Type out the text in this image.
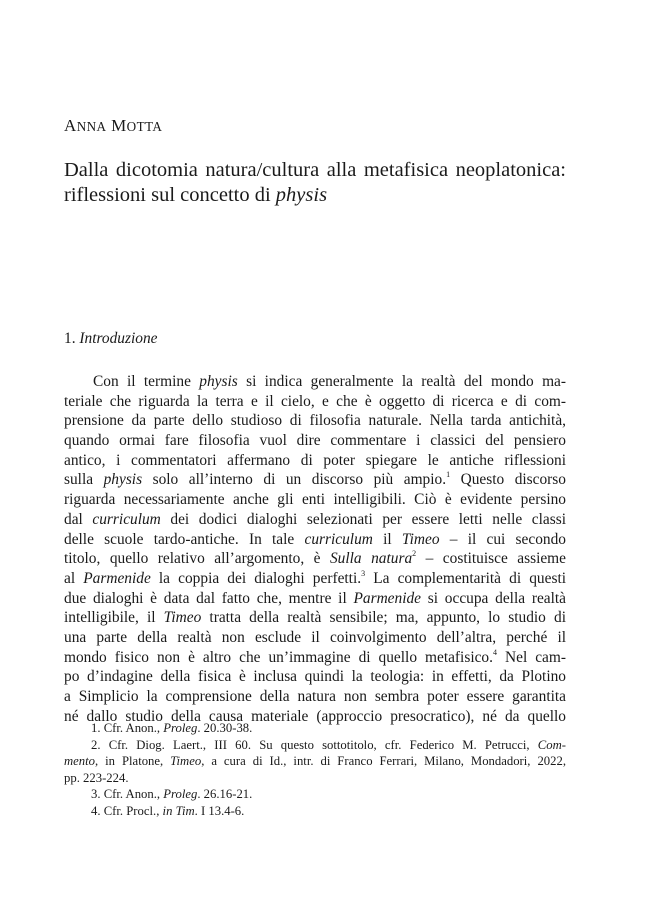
ANNA MOTTA
Dalla dicotomia natura/cultura alla metafisica neoplatonica:
riflessioni sul concetto di physis
1. Introduzione
Con il termine physis si indica generalmente la realtà del mondo ma-
teriale che riguarda la terra e il cielo, e che è oggetto di ricerca e di com-
prensione da parte dello studioso di filosofia naturale. Nella tarda antichità,
quando ormai fare filosofia vuol dire commentare i classici del pensiero
antico, i commentatori affermano di poter spiegare le antiche riflessioni
sulla physis solo all’interno di un discorso più ampio.$^1$ Questo discorso
riguarda necessariamente anche gli enti intelligibili. Ciò è evidente persino
dal curriculum dei dodici dialoghi selezionati per essere letti nelle classi
delle scuole tardo-antiche. In tale curriculum il Timeo – il cui secondo
titolo, quello relativo all’argomento, è Sulla natura$^2$ – costituisce assieme
al Parmenide la coppia dei dialoghi perfetti.$^3$ La complementarità di questi
due dialoghi è data dal fatto che, mentre il Parmenide si occupa della realtà
intelligibile, il Timeo tratta della realtà sensibile; ma, appunto, lo studio di
una parte della realtà non esclude il coinvolgimento dell’altra, perché il
mondo fisico non è altro che un’immagine di quello metafisico.$^4$ Nel cam-
po d’indagine della fisica è inclusa quindi la teologia: in effetti, da Plotino
a Simplicio la comprensione della natura non sembra poter essere garantita
né dallo studio della causa materiale (approccio presocratico), né da quello
1. Cfr. Anon., Proleg. 20.30-38.
2. Cfr. Diog. Laert., III 60. Su questo sottotitolo, cfr. Federico M. Petrucci, Com-
mento, in Platone, Timeo, a cura di Id., intr. di Franco Ferrari, Milano, Mondadori, 2022,
pp. 223-224.
3. Cfr. Anon., Proleg. 26.16-21.
4. Cfr. Procl., in Tim. I 13.4-6.
